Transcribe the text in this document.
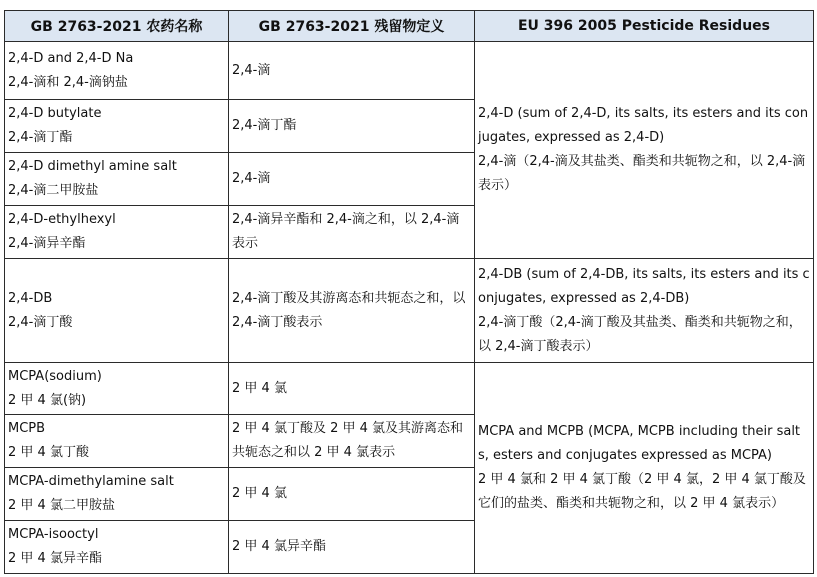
GB 2763-2021 农药名称	GB 2763-2021 残留物定义	EU 396 2005 Pesticide Residues

2,4-D and 2,4-D Na
2,4-滴和 2,4-滴钠盐	2,4-滴	2,4-D (sum of 2,4-D, its salts, its esters and its conjugates, expressed as 2,4-D)
2,4-滴（2,4-滴及其盐类、酯类和共轭物之和，以 2,4-滴表示）

2,4-D butylate
2,4-滴丁酯	2,4-滴丁酯	

2,4-D dimethyl amine salt
2,4-滴二甲胺盐	2,4-滴	

2,4-D-ethylhexyl
2,4-滴异辛酯	2,4-滴异辛酯和 2,4-滴之和，以 2,4-滴表示	

2,4-DB
2,4-滴丁酸	2,4-滴丁酸及其游离态和共轭态之和，以 2,4-滴丁酸表示	2,4-DB (sum of 2,4-DB, its salts, its esters and its conjugates, expressed as 2,4-DB)
2,4-滴丁酸（2,4-滴丁酸及其盐类、酯类和共轭物之和，以 2,4-滴丁酸表示）

MCPA(sodium)
2 甲 4 氯(钠)	2 甲 4 氯	MCPA and MCPB (MCPA, MCPB including their salts, esters and conjugates expressed as MCPA)
2 甲 4 氯和 2 甲 4 氯丁酸（2 甲 4 氯，2 甲 4 氯丁酸及它们的盐类、酯类和共轭物之和，以 2 甲 4 氯表示）

MCPB
2 甲 4 氯丁酸	2 甲 4 氯丁酸及 2 甲 4 氯及其游离态和共轭态之和以 2 甲 4 氯表示	

MCPA-dimethylamine salt
2 甲 4 氯二甲胺盐	2 甲 4 氯	

MCPA-isooctyl
2 甲 4 氯异辛酯	2 甲 4 氯异辛酯	
